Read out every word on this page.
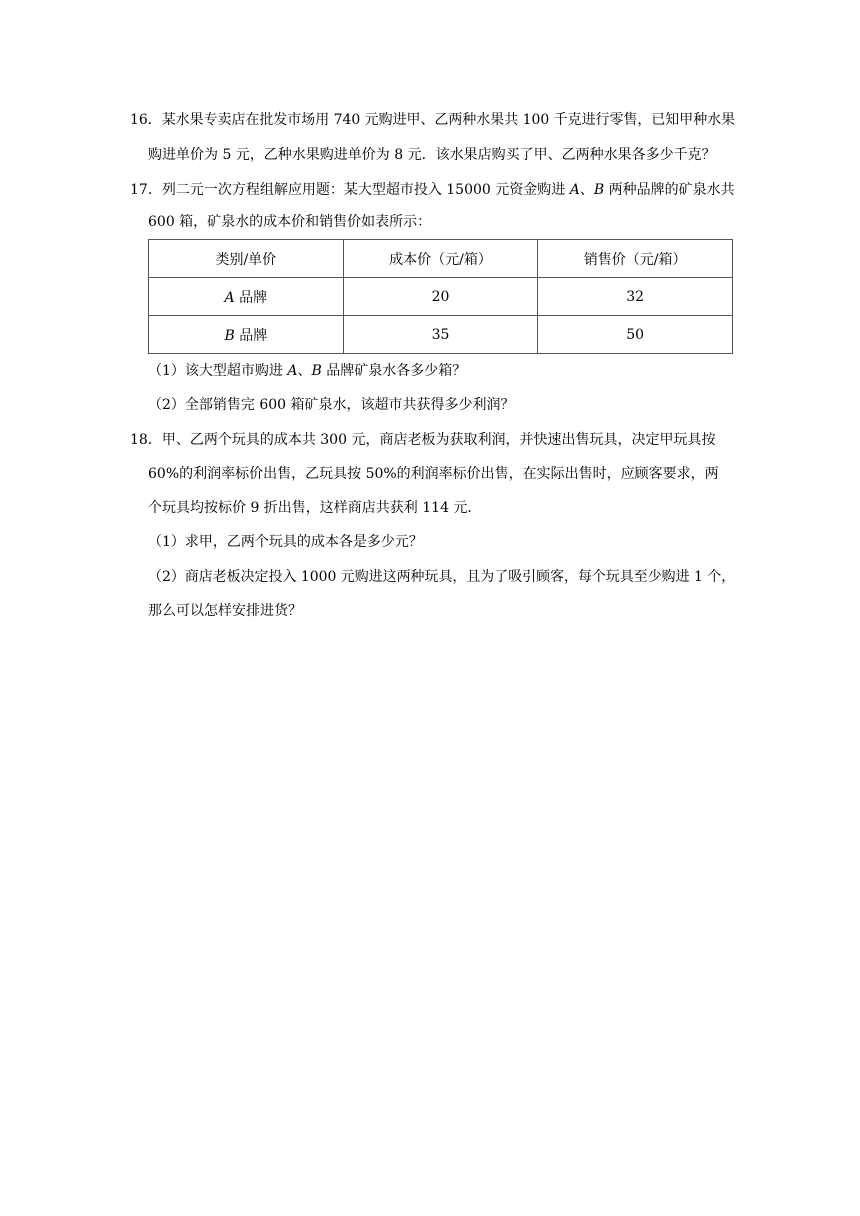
16．某水果专卖店在批发市场用 740 元购进甲、乙两种水果共 100 千克进行零售，已知甲种水果
购进单价为 5 元，乙种水果购进单价为 8 元．该水果店购买了甲、乙两种水果各多少千克？
17．列二元一次方程组解应用题：某大型超市投入 15000 元资金购进 A、B 两种品牌的矿泉水共
600 箱，矿泉水的成本价和销售价如表所示：
类别/单价	成本价（元/箱）	销售价（元/箱）
A 品牌	20	32
B 品牌	35	50
（1）该大型超市购进 A、B 品牌矿泉水各多少箱？
（2）全部销售完 600 箱矿泉水，该超市共获得多少利润？
18．甲、乙两个玩具的成本共 300 元，商店老板为获取利润，并快速出售玩具，决定甲玩具按
60%的利润率标价出售，乙玩具按 50%的利润率标价出售，在实际出售时，应顾客要求，两
个玩具均按标价 9 折出售，这样商店共获利 114 元．
（1）求甲，乙两个玩具的成本各是多少元？
（2）商店老板决定投入 1000 元购进这两种玩具，且为了吸引顾客，每个玩具至少购进 1 个，
那么可以怎样安排进货？
